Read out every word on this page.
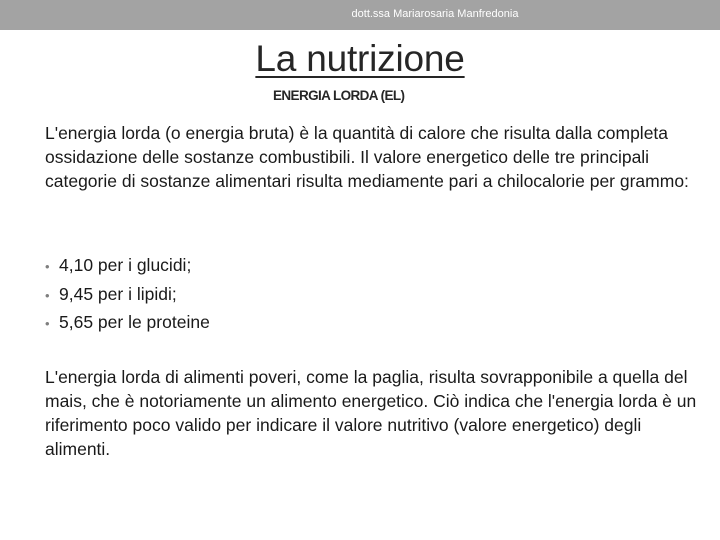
dott.ssa Mariarosaria Manfredonia
La nutrizione
ENERGIA LORDA (EL)

L'energia lorda (o energia bruta) è la quantità di calore che risulta dalla completa ossidazione delle sostanze combustibili. Il valore energetico delle tre principali categorie di sostanze alimentari risulta mediamente pari a chilocalorie per grammo:

• 4,10 per i glucidi;
• 9,45 per i lipidi;
• 5,65 per le proteine

L'energia lorda di alimenti poveri, come la paglia, risulta sovrapponibile a quella del mais, che è notoriamente un alimento energetico. Ciò indica che l'energia lorda è un riferimento poco valido per indicare il valore nutritivo (valore energetico) degli alimenti.
